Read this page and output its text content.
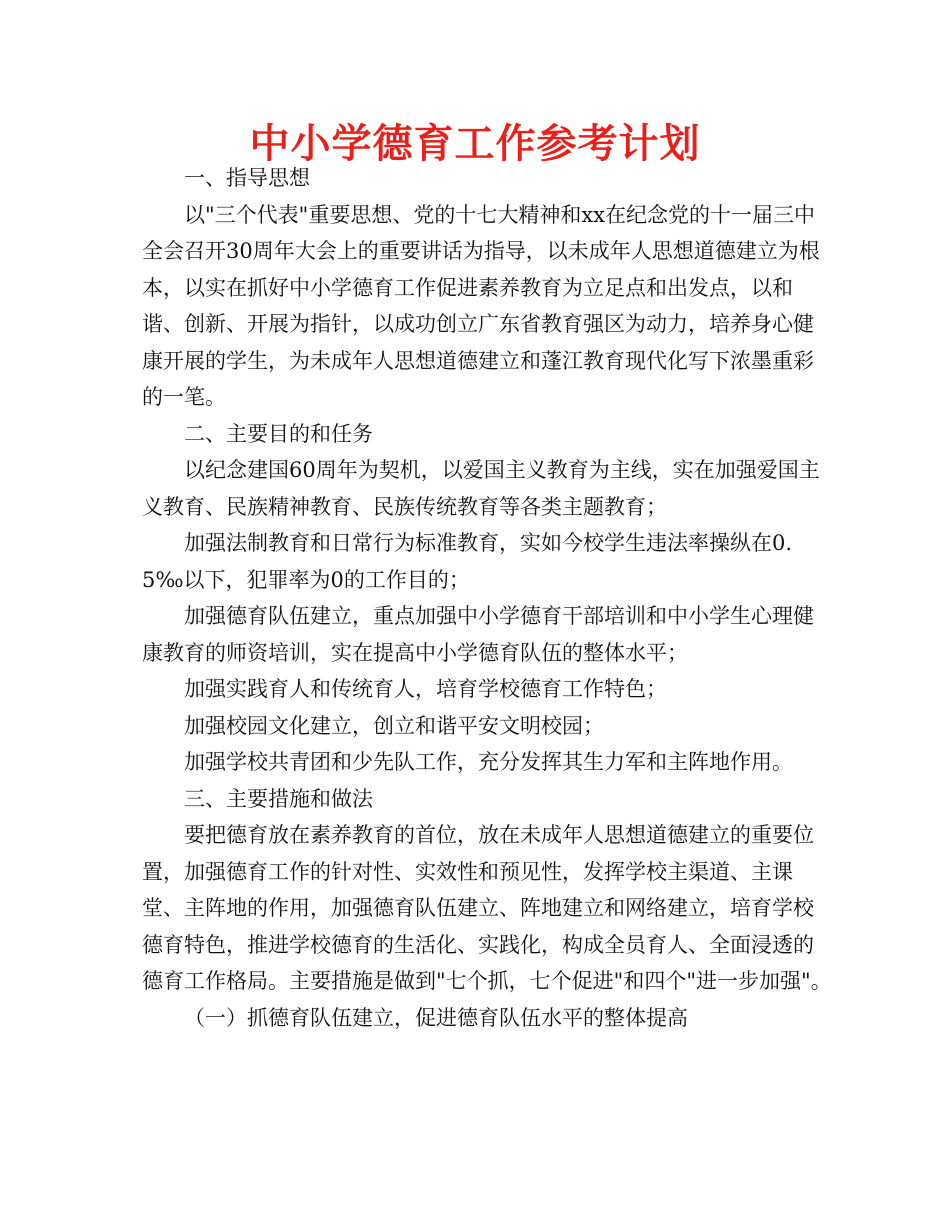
中小学德育工作参考计划

一、指导思想

以"三个代表"重要思想、党的十七大精神和xx在纪念党的十一届三中全会召开30周年大会上的重要讲话为指导，以未成年人思想道德建立为根本，以实在抓好中小学德育工作促进素养教育为立足点和出发点，以和谐、创新、开展为指针，以成功创立广东省教育强区为动力，培养身心健康开展的学生，为未成年人思想道德建立和蓬江教育现代化写下浓墨重彩的一笔。

二、主要目的和任务

以纪念建国60周年为契机，以爱国主义教育为主线，实在加强爱国主义教育、民族精神教育、民族传统教育等各类主题教育；

加强法制教育和日常行为标准教育，实如今校学生违法率操纵在0.5‰以下，犯罪率为0的工作目的；

加强德育队伍建立，重点加强中小学德育干部培训和中小学生心理健康教育的师资培训，实在提高中小学德育队伍的整体水平；

加强实践育人和传统育人，培育学校德育工作特色；

加强校园文化建立，创立和谐平安文明校园；

加强学校共青团和少先队工作，充分发挥其生力军和主阵地作用。

三、主要措施和做法

要把德育放在素养教育的首位，放在未成年人思想道德建立的重要位置，加强德育工作的针对性、实效性和预见性，发挥学校主渠道、主课堂、主阵地的作用，加强德育队伍建立、阵地建立和网络建立，培育学校德育特色，推进学校德育的生活化、实践化，构成全员育人、全面浸透的德育工作格局。主要措施是做到"七个抓，七个促进"和四个"进一步加强"。

（一）抓德育队伍建立，促进德育队伍水平的整体提高
